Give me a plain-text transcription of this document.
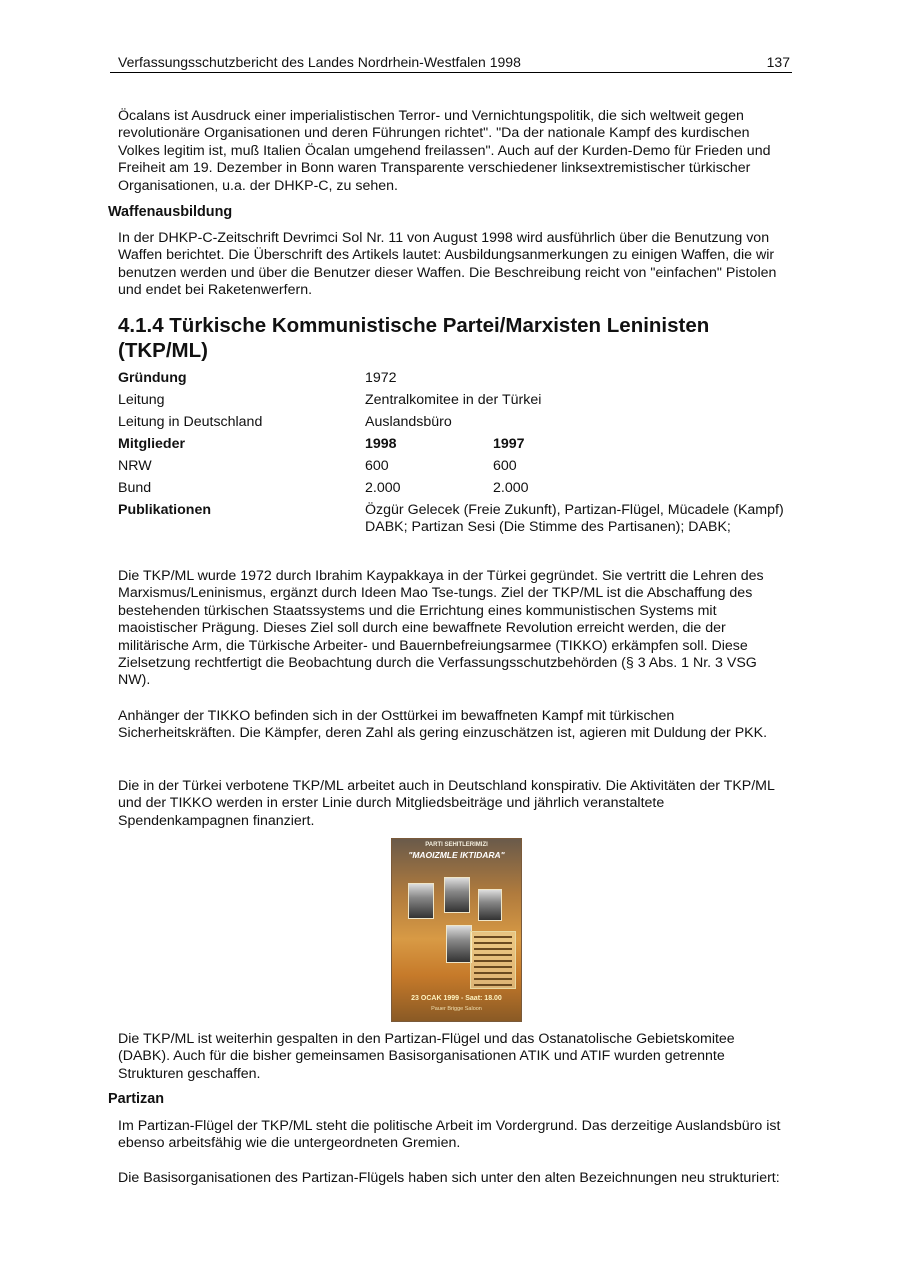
Verfassungsschutzbericht des Landes Nordrhein-Westfalen 1998	137

Öcalans ist Ausdruck einer imperialistischen Terror- und Vernichtungspolitik, die sich weltweit gegen revolutionäre Organisationen und deren Führungen richtet". "Da der nationale Kampf des kurdischen Volkes legitim ist, muß Italien Öcalan umgehend freilassen". Auch auf der Kurden-Demo für Frieden und Freiheit am 19. Dezember in Bonn waren Transparente verschiedener linksextremistischer türkischer Organisationen, u.a. der DHKP-C, zu sehen.

Waffenausbildung

In der DHKP-C-Zeitschrift Devrimci Sol Nr. 11 von August 1998 wird ausführlich über die Benutzung von Waffen berichtet. Die Überschrift des Artikels lautet: Ausbildungsanmerkungen zu einigen Waffen, die wir benutzen werden und über die Benutzer dieser Waffen. Die Beschreibung reicht von "einfachen" Pistolen und endet bei Raketenwerfern.

4.1.4 Türkische Kommunistische Partei/Marxisten Leninisten (TKP/ML)
Gründung	1972
Leitung	Zentralkomitee in der Türkei
Leitung in Deutschland	Auslandsbüro
Mitglieder	1998	1997
NRW	600	600
Bund	2.000	2.000
Publikationen	Özgür Gelecek (Freie Zukunft), Partizan-Flügel, Mücadele (Kampf) DABK; Partizan Sesi (Die Stimme des Partisanen); DABK;

Die TKP/ML wurde 1972 durch Ibrahim Kaypakkaya in der Türkei gegründet. Sie vertritt die Lehren des Marxismus/Leninismus, ergänzt durch Ideen Mao Tse-tungs. Ziel der TKP/ML ist die Abschaffung des bestehenden türkischen Staatssystems und die Errichtung eines kommunistischen Systems mit maoistischer Prägung. Dieses Ziel soll durch eine bewaffnete Revolution erreicht werden, die der militärische Arm, die Türkische Arbeiter- und Bauernbefreiungsarmee (TIKKO) erkämpfen soll. Diese Zielsetzung rechtfertigt die Beobachtung durch die Verfassungsschutzbehörden (§ 3 Abs. 1 Nr. 3 VSG NW).

Anhänger der TIKKO befinden sich in der Osttürkei im bewaffneten Kampf mit türkischen Sicherheitskräften. Die Kämpfer, deren Zahl als gering einzuschätzen ist, agieren mit Duldung der PKK.

Die in der Türkei verbotene TKP/ML arbeitet auch in Deutschland konspirativ. Die Aktivitäten der TKP/ML und der TIKKO werden in erster Linie durch Mitgliedsbeiträge und jährlich veranstaltete Spendenkampagnen finanziert.

PARTI SEHITLERIMIZI
"MAOIZMLE IKTIDARA"
23 OCAK 1999 - Saat: 18.00
Pauer Brigge Saloon

Die TKP/ML ist weiterhin gespalten in den Partizan-Flügel und das Ostanatolische Gebietskomitee (DABK). Auch für die bisher gemeinsamen Basisorganisationen ATIK und ATIF wurden getrennte Strukturen geschaffen.

Partizan

Im Partizan-Flügel der TKP/ML steht die politische Arbeit im Vordergrund. Das derzeitige Auslandsbüro ist ebenso arbeitsfähig wie die untergeordneten Gremien.

Die Basisorganisationen des Partizan-Flügels haben sich unter den alten Bezeichnungen neu strukturiert:
